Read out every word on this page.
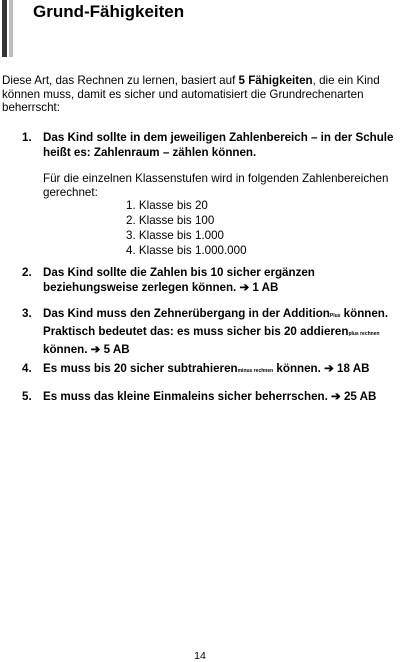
Grund-Fähigkeiten
Diese Art, das Rechnen zu lernen, basiert auf 5 Fähigkeiten, die ein Kind können muss, damit es sicher und automatisiert die Grundrechenarten beherrscht:
1. Das Kind sollte in dem jeweiligen Zahlenbereich – in der Schule heißt es: Zahlenraum – zählen können.
Für die einzelnen Klassenstufen wird in folgenden Zahlenbereichen gerechnet:
1. Klasse bis 20
2. Klasse bis 100
3. Klasse bis 1.000
4. Klasse bis 1.000.000
2. Das Kind sollte die Zahlen bis 10 sicher ergänzen beziehungsweise zerlegen können. ➔ 1 AB
3. Das Kind muss den Zehnerübergang in der AdditionPlus können.
Praktisch bedeutet das: es muss sicher bis 20 addierenplus rechnen
können. ➔ 5 AB
4. Es muss bis 20 sicher subtrahierenminus rechnen können. ➔ 18 AB
5. Es muss das kleine Einmaleins sicher beherrschen. ➔ 25 AB
14
